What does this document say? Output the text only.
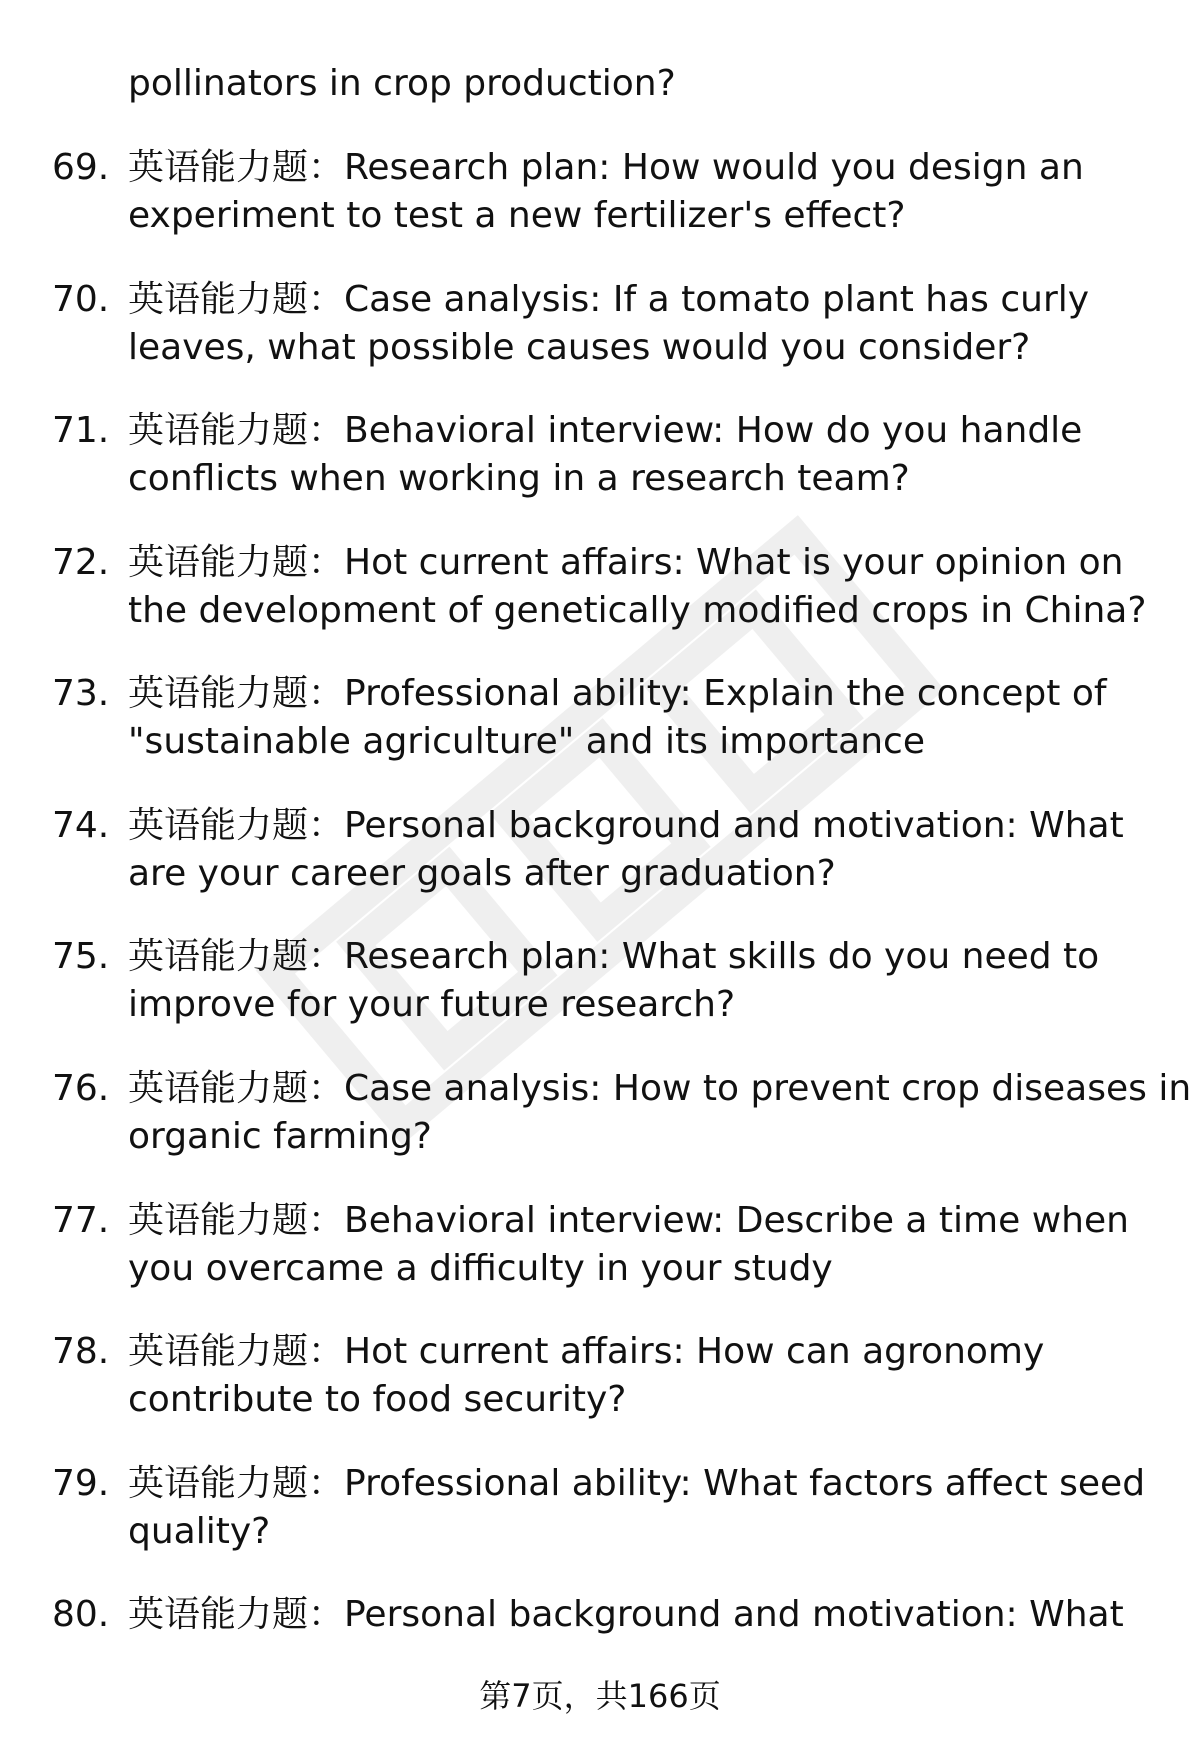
pollinators in crop production?
69. 英语能力题：Research plan: How would you design an
experiment to test a new fertilizer's effect?
70. 英语能力题：Case analysis: If a tomato plant has curly
leaves, what possible causes would you consider?
71. 英语能力题：Behavioral interview: How do you handle
conflicts when working in a research team?
72. 英语能力题：Hot current affairs: What is your opinion on
the development of genetically modified crops in China?
73. 英语能力题：Professional ability: Explain the concept of
"sustainable agriculture" and its importance
74. 英语能力题：Personal background and motivation: What
are your career goals after graduation?
75. 英语能力题：Research plan: What skills do you need to
improve for your future research?
76. 英语能力题：Case analysis: How to prevent crop diseases in
organic farming?
77. 英语能力题：Behavioral interview: Describe a time when
you overcame a difficulty in your study
78. 英语能力题：Hot current affairs: How can agronomy
contribute to food security?
79. 英语能力题：Professional ability: What factors affect seed
quality?
80. 英语能力题：Personal background and motivation: What
第7页，共166页
